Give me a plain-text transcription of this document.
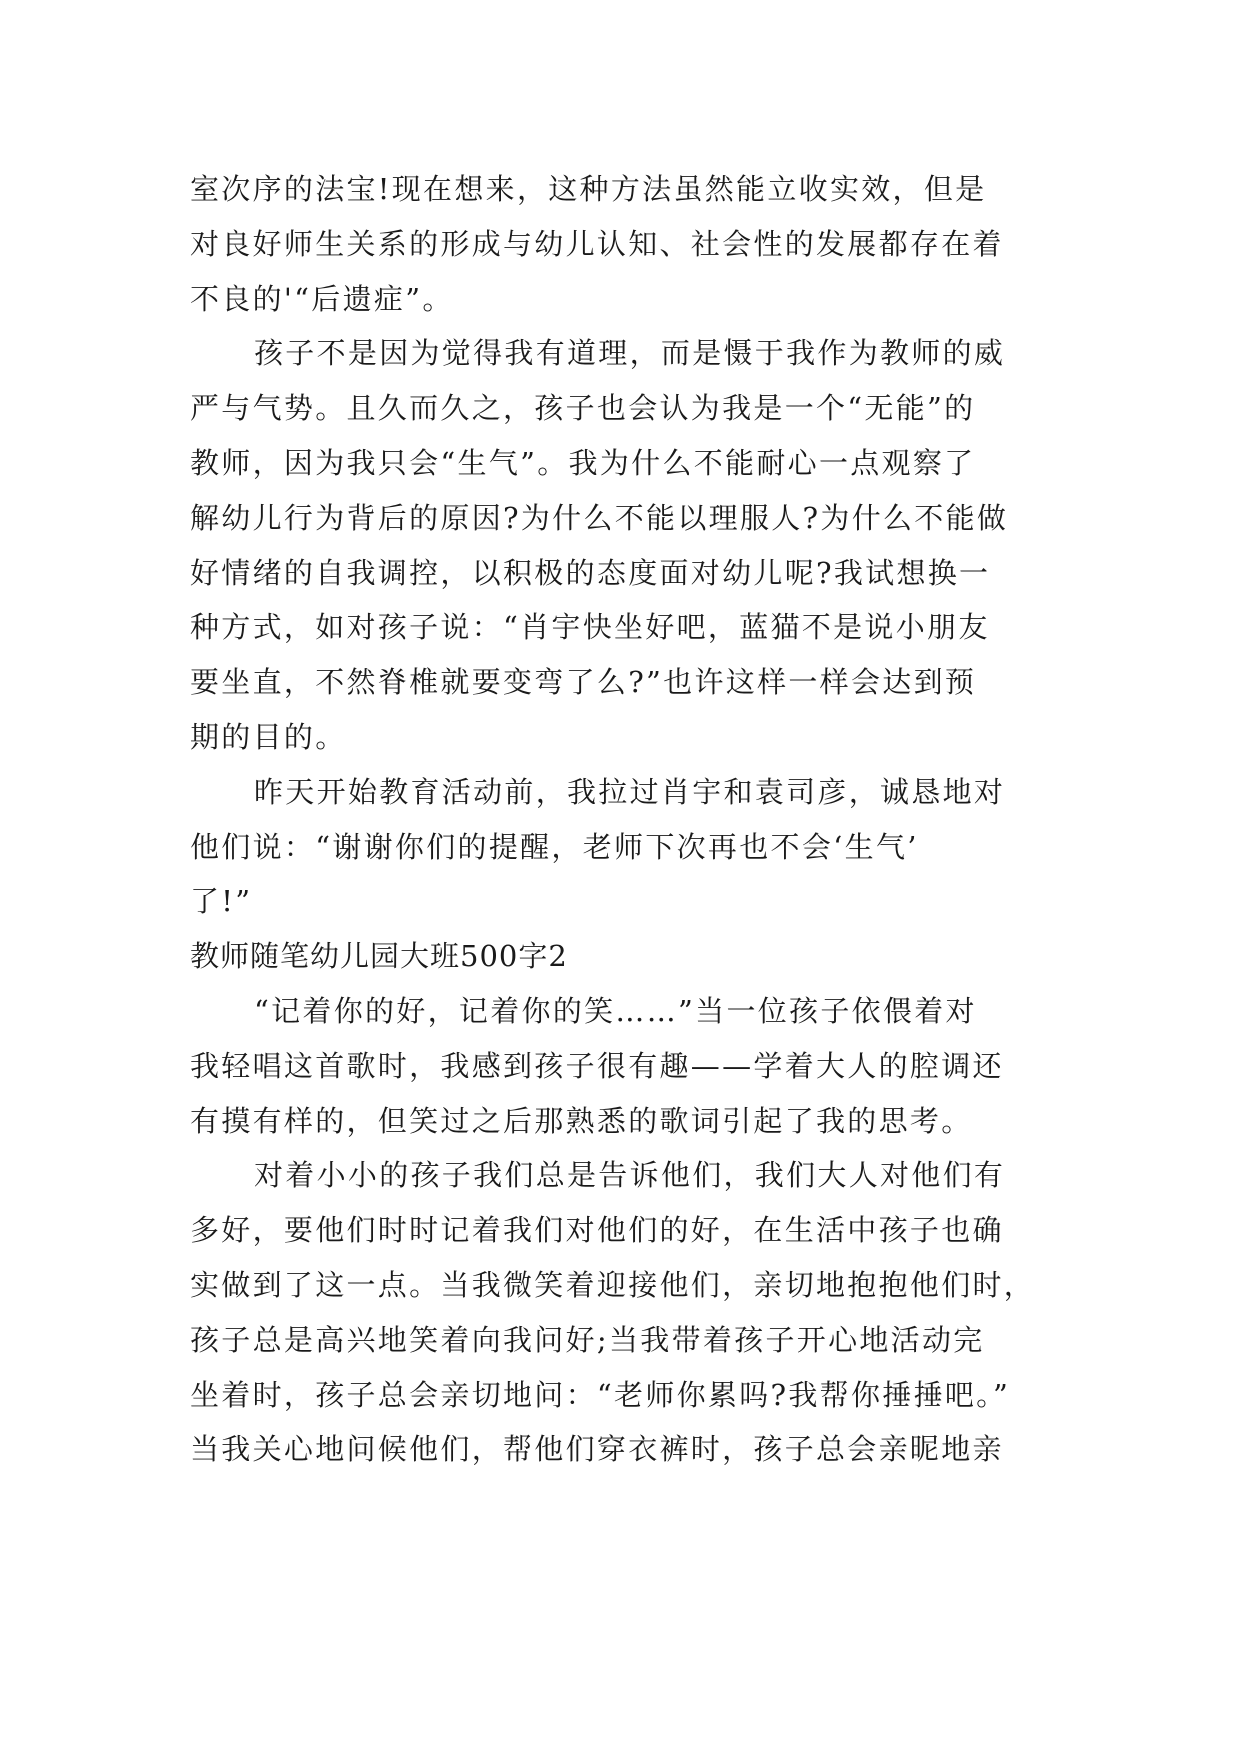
室次序的法宝!现在想来，这种方法虽然能立收实效，但是
对良好师生关系的形成与幼儿认知、社会性的发展都存在着
不良的'“后遗症”。
孩子不是因为觉得我有道理，而是慑于我作为教师的威
严与气势。且久而久之，孩子也会认为我是一个“无能”的
教师，因为我只会“生气”。我为什么不能耐心一点观察了
解幼儿行为背后的原因?为什么不能以理服人?为什么不能做
好情绪的自我调控，以积极的态度面对幼儿呢?我试想换一
种方式，如对孩子说：“肖宇快坐好吧，蓝猫不是说小朋友
要坐直，不然脊椎就要变弯了么?”也许这样一样会达到预
期的目的。
昨天开始教育活动前，我拉过肖宇和袁司彦，诚恳地对
他们说：“谢谢你们的提醒，老师下次再也不会‘生气’
了!”
教师随笔幼儿园大班500字2
“记着你的好，记着你的笑……”当一位孩子依偎着对
我轻唱这首歌时，我感到孩子很有趣——学着大人的腔调还
有摸有样的，但笑过之后那熟悉的歌词引起了我的思考。
对着小小的孩子我们总是告诉他们，我们大人对他们有
多好，要他们时时记着我们对他们的好，在生活中孩子也确
实做到了这一点。当我微笑着迎接他们，亲切地抱抱他们时，
孩子总是高兴地笑着向我问好;当我带着孩子开心地活动完
坐着时，孩子总会亲切地问：“老师你累吗?我帮你捶捶吧。”
当我关心地问候他们，帮他们穿衣裤时，孩子总会亲昵地亲
